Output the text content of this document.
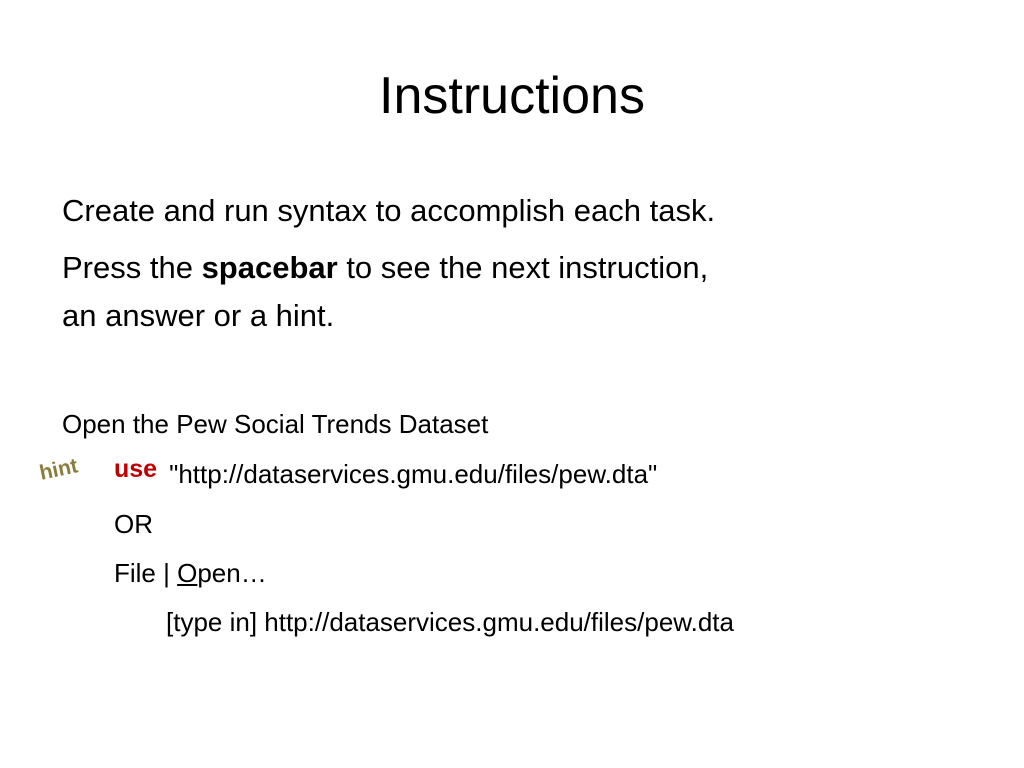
Instructions
Create and run syntax to accomplish each task.
Press the spacebar to see the next instruction,
an answer or a hint.
Open the Pew Social Trends Dataset
hint use "http://dataservices.gmu.edu/files/pew.dta"
OR
File | Open…
[type in] http://dataservices.gmu.edu/files/pew.dta
